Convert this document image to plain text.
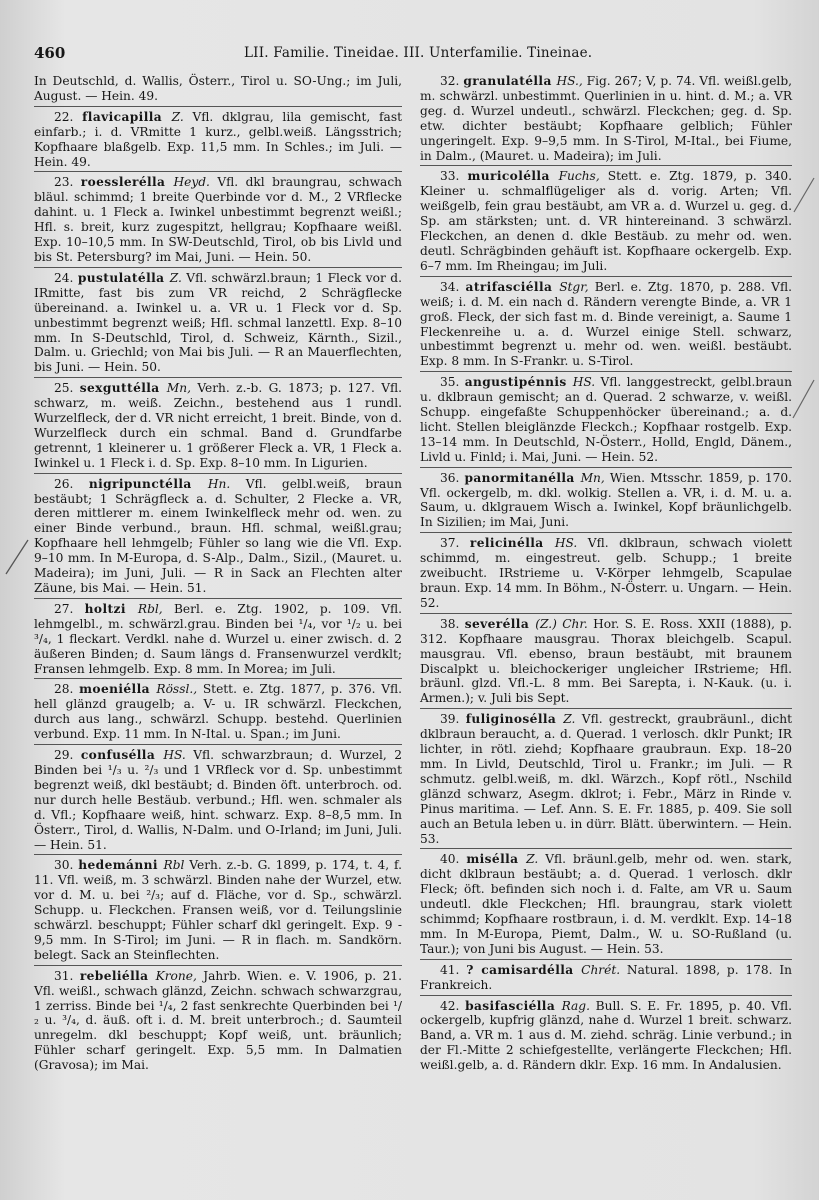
460	LII. Familie. Tineidae. III. Unterfamilie. Tineinae.

In Deutschld, d. Wallis, Österr., Tirol u. SO-Ung.; im Juli, August. — Hein. 49.

22. flavicapilla Z. Vfl. dklgrau, lila gemischt, fast einfarb.; i. d. VRmitte 1 kurz., gelbl.weiß. Längsstrich; Kopfhaare blaßgelb. Exp. 11,5 mm. In Schles.; im Juli. — Hein. 49.

23. roesslerélla Heyd. Vfl. dkl braungrau, schwach bläul. schimmd; 1 breite Querbinde vor d. M., 2 VRflecke dahint. u. 1 Fleck a. Iwinkel unbestimmt begrenzt weißl.; Hfl. s. breit, kurz zugespitzt, hellgrau; Kopfhaare weißl. Exp. 10–10,5 mm. In SW-Deutschld, Tirol, ob bis Livld und bis St. Petersburg? im Mai, Juni. — Hein. 50.

24. pustulatélla Z. Vfl. schwärzl.braun; 1 Fleck vor d. IRmitte, fast bis zum VR reichd, 2 Schrägflecke übereinand. a. Iwinkel u. a. VR u. 1 Fleck vor d. Sp. unbestimmt begrenzt weiß; Hfl. schmal lanzettl. Exp. 8–10 mm. In S-Deutschld, Tirol, d. Schweiz, Kärnth., Sizil., Dalm. u. Griechld; von Mai bis Juli. — R an Mauerflechten, bis Juni. — Hein. 50.

25. sexguttélla Mn, Verh. z.-b. G. 1873; p. 127. Vfl. schwarz, m. weiß. Zeichn., bestehend aus 1 rundl. Wurzelfleck, der d. VR nicht erreicht, 1 breit. Binde, von d. Wurzelfleck durch ein schmal. Band d. Grundfarbe getrennt, 1 kleinerer u. 1 größerer Fleck a. VR, 1 Fleck a. Iwinkel u. 1 Fleck i. d. Sp. Exp. 8–10 mm. In Ligurien.

26. nigripunctélla Hn. Vfl. gelbl.weiß, braun bestäubt; 1 Schrägfleck a. d. Schulter, 2 Flecke a. VR, deren mittlerer m. einem Iwinkelfleck mehr od. wen. zu einer Binde verbund., braun. Hfl. schmal, weißl.grau; Kopfhaare hell lehmgelb; Fühler so lang wie die Vfl. Exp. 9–10 mm. In M-Europa, d. S-Alp., Dalm., Sizil., (Mauret. u. Madeira); im Juni, Juli. — R in Sack an Flechten alter Zäune, bis Mai. — Hein. 51.

27. holtzi Rbl, Berl. e. Ztg. 1902, p. 109. Vfl. lehmgelbl., m. schwärzl.grau. Binden bei ¹/₄, vor ¹/₂ u. bei ³/₄, 1 fleckart. Verdkl. nahe d. Wurzel u. einer zwisch. d. 2 äußeren Binden; d. Saum längs d. Fransenwurzel verdklt; Fransen lehmgelb. Exp. 8 mm. In Morea; im Juli.

28. moeniélla Rössl., Stett. e. Ztg. 1877, p. 376. Vfl. hell glänzd graugelb; a. V- u. IR schwärzl. Fleckchen, durch aus lang., schwärzl. Schupp. bestehd. Querlinien verbund. Exp. 11 mm. In N-Ital. u. Span.; im Juni.

29. confusélla HS. Vfl. schwarzbraun; d. Wurzel, 2 Binden bei ¹/₃ u. ²/₃ und 1 VRfleck vor d. Sp. unbestimmt begrenzt weiß, dkl bestäubt; d. Binden öft. unterbroch. od. nur durch helle Bestäub. verbund.; Hfl. wen. schmaler als d. Vfl.; Kopfhaare weiß, hint. schwarz. Exp. 8–8,5 mm. In Österr., Tirol, d. Wallis, N-Dalm. und O-Irland; im Juni, Juli. — Hein. 51.

30. hedemánni Rbl Verh. z.-b. G. 1899, p. 174, t. 4, f. 11. Vfl. weiß, m. 3 schwärzl. Binden nahe der Wurzel, etw. vor d. M. u. bei ²/₃; auf d. Fläche, vor d. Sp., schwärzl. Schupp. u. Fleckchen. Fransen weiß, vor d. Teilungslinie schwärzl. beschuppt; Fühler scharf dkl geringelt. Exp. 9 - 9,5 mm. In S-Tirol; im Juni. — R in flach. m. Sandkörn. belegt. Sack an Steinflechten.

31. rebeliélla Krone, Jahrb. Wien. e. V. 1906, p. 21. Vfl. weißl., schwach glänzd, Zeichn. schwach schwarzgrau, 1 zerriss. Binde bei ¹/₄, 2 fast senkrechte Querbinden bei ¹/₂ u. ³/₄, d. äuß. oft i. d. M. breit unterbroch.; d. Saumteil unregelm. dkl beschuppt; Kopf weiß, unt. bräunlich; Fühler scharf geringelt. Exp. 5,5 mm. In Dalmatien (Gravosa); im Mai.

32. granulatélla HS., Fig. 267; V, p. 74. Vfl. weißl.gelb, m. schwärzl. unbestimmt. Querlinien in u. hint. d. M.; a. VR geg. d. Wurzel undeutl., schwärzl. Fleckchen; geg. d. Sp. etw. dichter bestäubt; Kopfhaare gelblich; Fühler ungeringelt. Exp. 9–9,5 mm. In S-Tirol, M-Ital., bei Fiume, in Dalm., (Mauret. u. Madeira); im Juli.

33. muricolélla Fuchs, Stett. e. Ztg. 1879, p. 340. Kleiner u. schmalflügeliger als d. vorig. Arten; Vfl. weißgelb, fein grau bestäubt, am VR a. d. Wurzel u. geg. d. Sp. am stärksten; unt. d. VR hintereinand. 3 schwärzl. Fleckchen, an denen d. dkle Bestäub. zu mehr od. wen. deutl. Schrägbinden gehäuft ist. Kopfhaare ockergelb. Exp. 6–7 mm. Im Rheingau; im Juli.

34. atrifasciélla Stgr, Berl. e. Ztg. 1870, p. 288. Vfl. weiß; i. d. M. ein nach d. Rändern verengte Binde, a. VR 1 groß. Fleck, der sich fast m. d. Binde vereinigt, a. Saume 1 Fleckenreihe u. a. d. Wurzel einige Stell. schwarz, unbestimmt begrenzt u. mehr od. wen. weißl. bestäubt. Exp. 8 mm. In S-Frankr. u. S-Tirol.

35. angustipénnis HS. Vfl. langgestreckt, gelbl.braun u. dklbraun gemischt; an d. Querad. 2 schwarze, v. weißl. Schupp. eingefaßte Schuppenhöcker übereinand.; a. d. licht. Stellen bleiglänzde Fleckch.; Kopfhaar rostgelb. Exp. 13–14 mm. In Deutschld, N-Österr., Holld, Engld, Dänem., Livld u. Finld; i. Mai, Juni. — Hein. 52.

36. panormitanélla Mn, Wien. Mtsschr. 1859, p. 170. Vfl. ockergelb, m. dkl. wolkig. Stellen a. VR, i. d. M. u. a. Saum, u. dklgrauem Wisch a. Iwinkel, Kopf bräunlichgelb. In Sizilien; im Mai, Juni.

37. relicinélla HS. Vfl. dklbraun, schwach violett schimmd, m. eingestreut. gelb. Schupp.; 1 breite zweibucht. IRstrieme u. V-Körper lehmgelb, Scapulae braun. Exp. 14 mm. In Böhm., N-Österr. u. Ungarn. — Hein. 52.

38. severélla (Z.) Chr. Hor. S. E. Ross. XXII (1888), p. 312. Kopfhaare mausgrau. Thorax bleichgelb. Scapul. mausgrau. Vfl. ebenso, braun bestäubt, mit braunem Discalpkt u. bleichockeriger ungleicher IRstrieme; Hfl. bräunl. glzd. Vfl.-L. 8 mm. Bei Sarepta, i. N-Kauk. (u. i. Armen.); v. Juli bis Sept.

39. fuliginosélla Z. Vfl. gestreckt, graubräunl., dicht dklbraun beraucht, a. d. Querad. 1 verlosch. dklr Punkt; IR lichter, in rötl. ziehd; Kopfhaare graubraun. Exp. 18–20 mm. In Livld, Deutschld, Tirol u. Frankr.; im Juli. — R schmutz. gelbl.weiß, m. dkl. Wärzch., Kopf rötl., Nschild glänzd schwarz, Asegm. dklrot; i. Febr., März in Rinde v. Pinus maritima. — Lef. Ann. S. E. Fr. 1885, p. 409. Sie soll auch an Betula leben u. in dürr. Blätt. überwintern. — Hein. 53.

40. misélla Z. Vfl. bräunl.gelb, mehr od. wen. stark, dicht dklbraun bestäubt; a. d. Querad. 1 verlosch. dklr Fleck; öft. befinden sich noch i. d. Falte, am VR u. Saum undeutl. dkle Fleckchen; Hfl. braungrau, stark violett schimmd; Kopfhaare rostbraun, i. d. M. verdklt. Exp. 14–18 mm. In M-Europa, Piemt, Dalm., W. u. SO-Rußland (u. Taur.); von Juni bis August. — Hein. 53.

41. ? camisardélla Chrét. Natural. 1898, p. 178. In Frankreich.

42. basifasciélla Rag. Bull. S. E. Fr. 1895, p. 40. Vfl. ockergelb, kupfrig glänzd, nahe d. Wurzel 1 breit. schwarz. Band, a. VR m. 1 aus d. M. ziehd. schräg. Linie verbund.; in der Fl.-Mitte 2 schiefgestellte, verlängerte Fleckchen; Hfl. weißl.gelb, a. d. Rändern dklr. Exp. 16 mm. In Andalusien.
